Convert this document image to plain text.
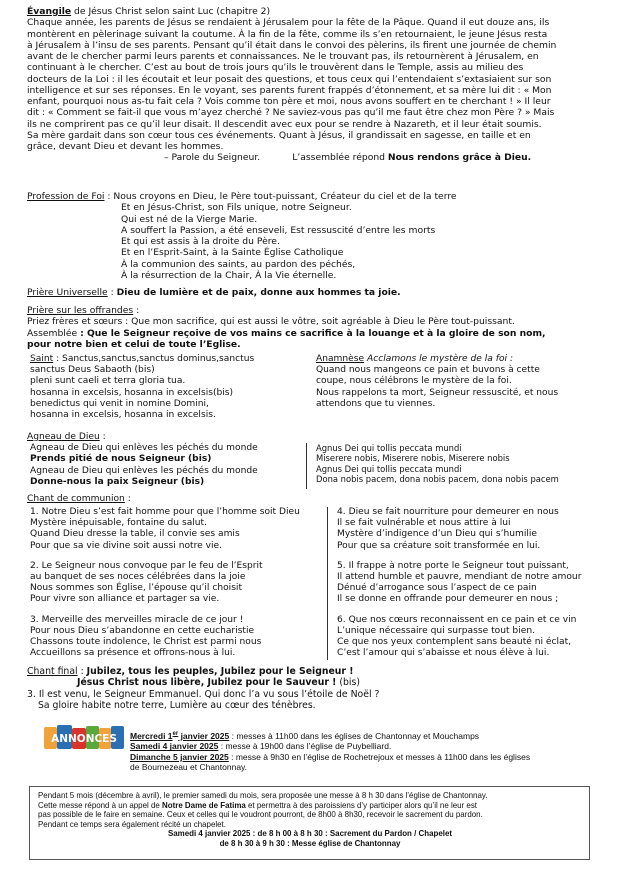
Évangile de Jésus Christ selon saint Luc (chapitre 2)
Chaque année, les parents de Jésus se rendaient à Jérusalem pour la fête de la Pâque. Quand il eut douze ans, ils
montèrent en pèlerinage suivant la coutume. À la fin de la fête, comme ils s’en retournaient, le jeune Jésus resta
à Jérusalem à l’insu de ses parents. Pensant qu’il était dans le convoi des pèlerins, ils firent une journée de chemin
avant de le chercher parmi leurs parents et connaissances. Ne le trouvant pas, ils retournèrent à Jérusalem, en
continuant à le chercher. C’est au bout de trois jours qu’ils le trouvèrent dans le Temple, assis au milieu des
docteurs de la Loi : il les écoutait et leur posait des questions, et tous ceux qui l’entendaient s’extasiaient sur son
intelligence et sur ses réponses. En le voyant, ses parents furent frappés d’étonnement, et sa mère lui dit : « Mon
enfant, pourquoi nous as-tu fait cela ? Vois comme ton père et moi, nous avons souffert en te cherchant ! » Il leur
dit : « Comment se fait-il que vous m’ayez cherché ? Ne saviez-vous pas qu’il me faut être chez mon Père ? » Mais
ils ne comprirent pas ce qu’il leur disait. Il descendit avec eux pour se rendre à Nazareth, et il leur était soumis.
Sa mère gardait dans son cœur tous ces événements. Quant à Jésus, il grandissait en sagesse, en taille et en
grâce, devant Dieu et devant les hommes.
– Parole du Seigneur.	L’assemblée répond Nous rendons grâce à Dieu.
Profession de Foi : Nous croyons en Dieu, le Père tout-puissant, Créateur du ciel et de la terre
Et en Jésus-Christ, son Fils unique, notre Seigneur.
Qui est né de la Vierge Marie.
A souffert la Passion, a été enseveli, Est ressuscité d’entre les morts
Et qui est assis à la droite du Père.
Et en l’Esprit-Saint, à la Sainte Église Catholique
À la communion des saints, au pardon des péchés,
À la résurrection de la Chair, À la Vie éternelle.
Prière Universelle : Dieu de lumière et de paix, donne aux hommes ta joie.
Prière sur les offrandes :
Priez frères et sœurs : Que mon sacrifice, qui est aussi le vôtre, soit agréable à Dieu le Père tout-puissant.
Assemblée : Que le Seigneur reçoive de vos mains ce sacrifice à la louange et à la gloire de son nom,
pour notre bien et celui de toute l’Eglise.
Saint : Sanctus,sanctus,sanctus dominus,sanctus
sanctus Deus Sabaoth (bis)
pleni sunt caeli et terra gloria tua.
hosanna in excelsis, hosanna in excelsis(bis)
benedictus qui venit in nomine Domini,
hosanna in excelsis, hosanna in excelsis.
Anamnèse Acclamons le mystère de la foi :
Quand nous mangeons ce pain et buvons à cette
coupe, nous célébrons le mystère de la foi.
Nous rappelons ta mort, Seigneur ressuscité, et nous
attendons que tu viennes.
Agneau de Dieu :
Agneau de Dieu qui enlèves les péchés du monde
Prends pitié de nous Seigneur (bis)
Agneau de Dieu qui enlèves les péchés du monde
Donne-nous la paix Seigneur (bis)
Agnus Dei qui tollis peccata mundi
Miserere nobis, Miserere nobis, Miserere nobis
Agnus Dei qui tollis peccata mundi
Dona nobis pacem, dona nobis pacem, dona nobis pacem
Chant de communion :
1. Notre Dieu s’est fait homme pour que l’homme soit Dieu
Mystère inépuisable, fontaine du salut.
Quand Dieu dresse la table, il convie ses amis
Pour que sa vie divine soit aussi notre vie.
2. Le Seigneur nous convoque par le feu de l’Esprit
au banquet de ses noces célébrées dans la joie
Nous sommes son Église, l’épouse qu’il choisit
Pour vivre son alliance et partager sa vie.
3. Merveille des merveilles miracle de ce jour !
Pour nous Dieu s’abandonne en cette eucharistie
Chassons toute indolence, le Christ est parmi nous
Accueillons sa présence et offrons-nous à lui.
4. Dieu se fait nourriture pour demeurer en nous
Il se fait vulnérable et nous attire à lui
Mystère d’indigence d’un Dieu qui s’humilie
Pour que sa créature soit transformée en lui.
5. Il frappe à notre porte le Seigneur tout puissant,
Il attend humble et pauvre, mendiant de notre amour
Dénué d’arrogance sous l’aspect de ce pain
Il se donne en offrande pour demeurer en nous ;
6. Que nos cœurs reconnaissent en ce pain et ce vin
L’unique nécessaire qui surpasse tout bien.
Ce que nos yeux contemplent sans beauté ni éclat,
C’est l’amour qui s’abaisse et nous élève à lui.
Chant final : Jubilez, tous les peuples, Jubilez pour le Seigneur !
Jésus Christ nous libère, Jubilez pour le Sauveur ! (bis)
3. Il est venu, le Seigneur Emmanuel. Qui donc l’a vu sous l’étoile de Noël ?
Sa gloire habite notre terre, Lumière au cœur des ténèbres.
ANNONCES Mercredi 1er janvier 2025 : messes à 11h00 dans les églises de Chantonnay et Mouchamps
Samedi 4 janvier 2025 : messe à 19h00 dans l’église de Puybelliard.
Dimanche 5 janvier 2025 : messe à 9h30 en l’église de Rochetrejoux et messes à 11h00 dans les églises
de Bournezeau et Chantonnay.
Pendant 5 mois (décembre à avril), le premier samedi du mois, sera proposée une messe à 8 h 30 dans l’église de Chantonnay.
Cette messe répond à un appel de Notre Dame de Fatima et permettra à des paroissiens d’y participer alors qu’il ne leur est
pas possible de le faire en semaine. Ceux et celles qui le voudront pourront, de 8h00 à 8h30, recevoir le sacrement du pardon.
Pendant ce temps sera également récité un chapelet.
Samedi 4 janvier 2025 : de 8 h 00 à 8 h 30 : Sacrement du Pardon / Chapelet
de 8 h 30 à 9 h 30 : Messe église de Chantonnay
